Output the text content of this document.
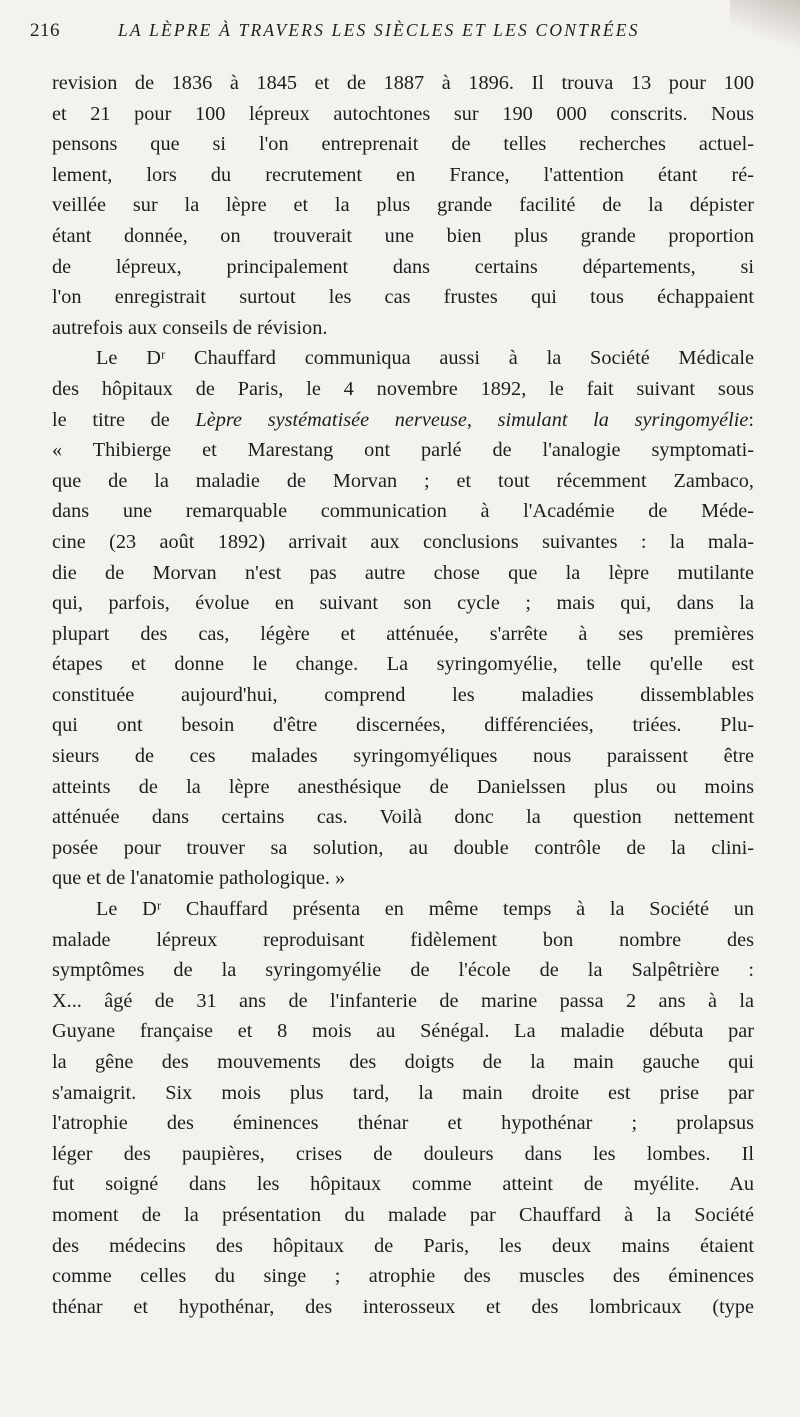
216	LA LÈPRE À TRAVERS LES SIÈCLES ET LES CONTRÉES
revision de 1836 à 1845 et de 1887 à 1896. Il trouva 13 pour 100
et 21 pour 100 lépreux autochtones sur 190 000 conscrits. Nous
pensons que si l'on entreprenait de telles recherches actuel-
lement, lors du recrutement en France, l'attention étant ré-
veillée sur la lèpre et la plus grande facilité de la dépister
étant donnée, on trouverait une bien plus grande proportion
de lépreux, principalement dans certains départements, si
l'on enregistrait surtout les cas frustes qui tous échappaient
autrefois aux conseils de révision.
Le Dʳ Chauffard communiqua aussi à la Société Médicale
des hôpitaux de Paris, le 4 novembre 1892, le fait suivant sous
le titre de Lèpre systématisée nerveuse, simulant la syringomyélie:
« Thibierge et Marestang ont parlé de l'analogie symptomati-
que de la maladie de Morvan ; et tout récemment Zambaco,
dans une remarquable communication à l'Académie de Méde-
cine (23 août 1892) arrivait aux conclusions suivantes : la mala-
die de Morvan n'est pas autre chose que la lèpre mutilante
qui, parfois, évolue en suivant son cycle ; mais qui, dans la
plupart des cas, légère et atténuée, s'arrête à ses premières
étapes et donne le change. La syringomyélie, telle qu'elle est
constituée aujourd'hui, comprend les maladies dissemblables
qui ont besoin d'être discernées, différenciées, triées. Plu-
sieurs de ces malades syringomyéliques nous paraissent être
atteints de la lèpre anesthésique de Danielssen plus ou moins
atténuée dans certains cas. Voilà donc la question nettement
posée pour trouver sa solution, au double contrôle de la clini-
que et de l'anatomie pathologique. »
Le Dʳ Chauffard présenta en même temps à la Société un
malade lépreux reproduisant fidèlement bon nombre des
symptômes de la syringomyélie de l'école de la Salpêtrière :
X... âgé de 31 ans de l'infanterie de marine passa 2 ans à la
Guyane française et 8 mois au Sénégal. La maladie débuta par
la gêne des mouvements des doigts de la main gauche qui
s'amaigrit. Six mois plus tard, la main droite est prise par
l'atrophie des éminences thénar et hypothénar ; prolapsus
léger des paupières, crises de douleurs dans les lombes. Il
fut soigné dans les hôpitaux comme atteint de myélite. Au
moment de la présentation du malade par Chauffard à la Société
des médecins des hôpitaux de Paris, les deux mains étaient
comme celles du singe ; atrophie des muscles des éminences
thénar et hypothénar, des interosseux et des lombricaux (type
